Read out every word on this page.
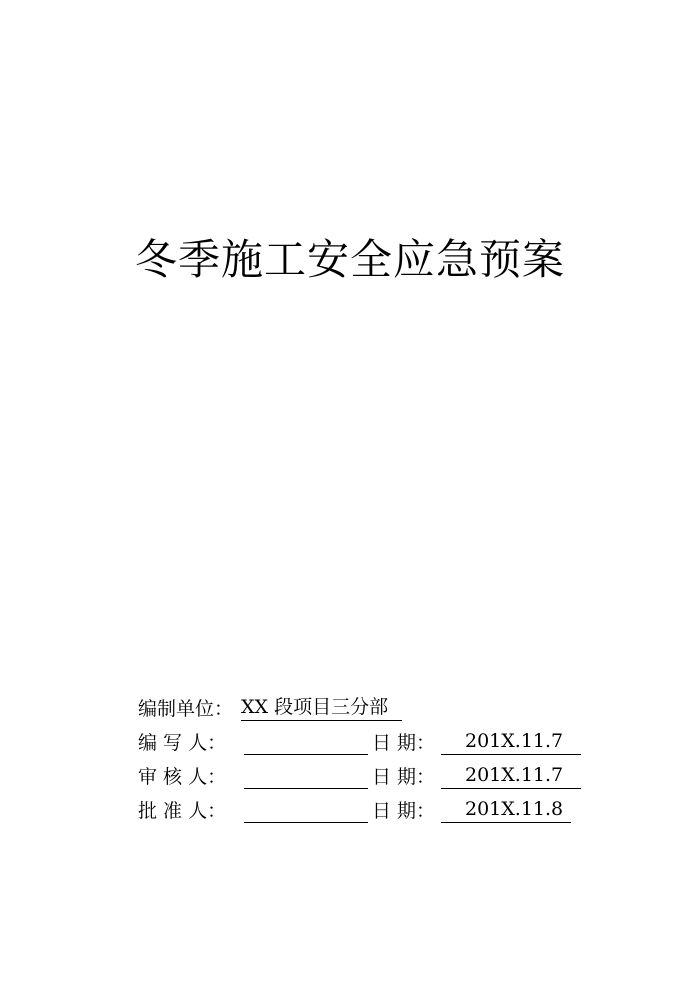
冬季施工安全应急预案
编制单位： XX 段项目三分部
编 写 人：	日 期：	201X.11.7
审 核 人：	日 期：	201X.11.7
批 准 人：	日 期：	201X.11.8
